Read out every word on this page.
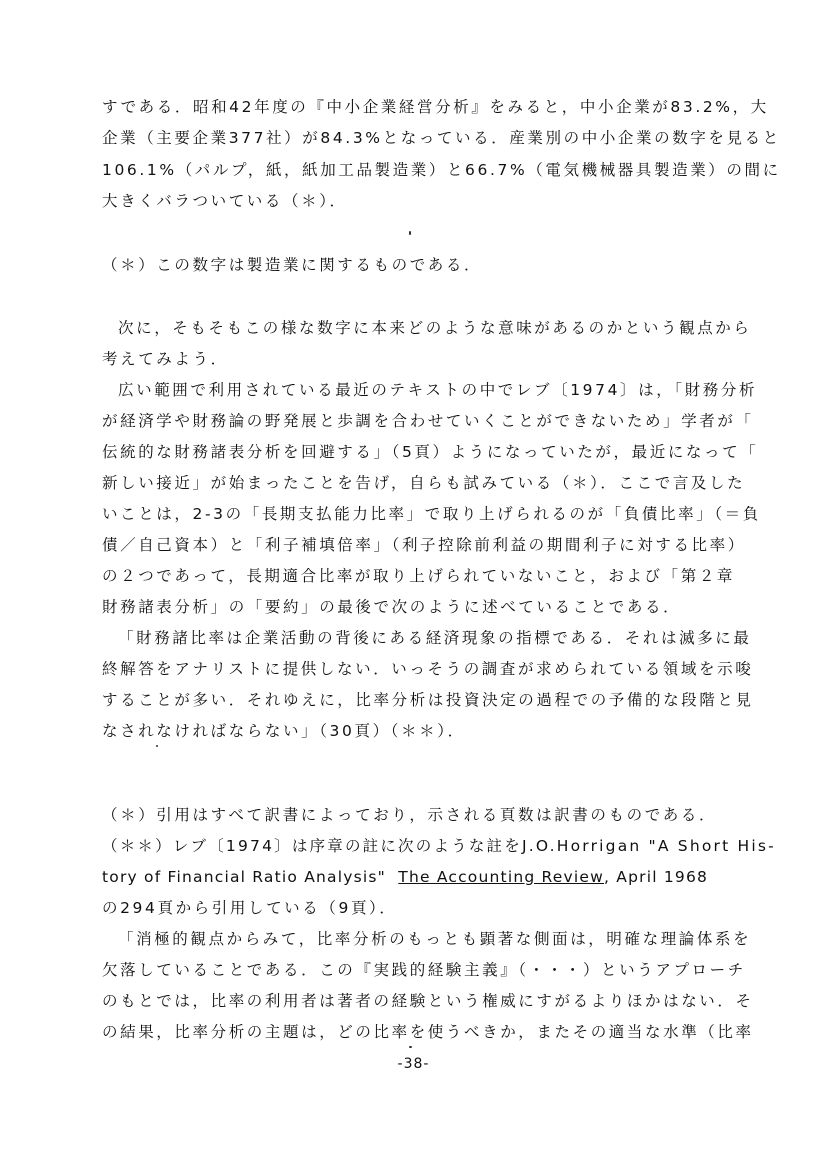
すである．昭和42年度の『中小企業経営分析』をみると，中小企業が83.2%，大
企業（主要企業377社）が84.3%となっている．産業別の中小企業の数字を見ると
106.1%（パルプ，紙，紙加工品製造業）と66.7%（電気機械器具製造業）の間に
大きくバラついている（＊）．
（＊）この数字は製造業に関するものである．
次に，そもそもこの様な数字に本来どのような意味があるのかという観点から
考えてみよう．
広い範囲で利用されている最近のテキストの中でレブ〔1974〕は，「財務分析
が経済学や財務論の野発展と歩調を合わせていくことができないため」学者が「
伝統的な財務諸表分析を回避する」（5頁）ようになっていたが，最近になって「
新しい接近」が始まったことを告げ，自らも試みている（＊）．ここで言及した
いことは，2-3の「長期支払能力比率」で取り上げられるのが「負債比率」（＝負
債／自己資本）と「利子補填倍率」（利子控除前利益の期間利子に対する比率）
の２つであって，長期適合比率が取り上げられていないこと，および「第２章
財務諸表分析」の「要約」の最後で次のように述べていることである．
「財務諸比率は企業活動の背後にある経済現象の指標である．それは滅多に最
終解答をアナリストに提供しない．いっそうの調査が求められている領域を示唆
することが多い．それゆえに，比率分析は投資決定の過程での予備的な段階と見
なされなければならない」（30頁）（＊＊）．
（＊）引用はすべて訳書によっており，示される頁数は訳書のものである．
（＊＊）レブ〔1974〕は序章の註に次のような註をJ.O.Horrigan "A Short His-
tory of Financial Ratio Analysis" The Accounting Review, April 1968
の294頁から引用している（9頁）．
「消極的観点からみて，比率分析のもっとも顕著な側面は，明確な理論体系を
欠落していることである．この『実践的経験主義』（・・・）というアプローチ
のもとでは，比率の利用者は著者の経験という権威にすがるよりほかはない．そ
の結果，比率分析の主題は，どの比率を使うべきか，またその適当な水準（比率
-38-
